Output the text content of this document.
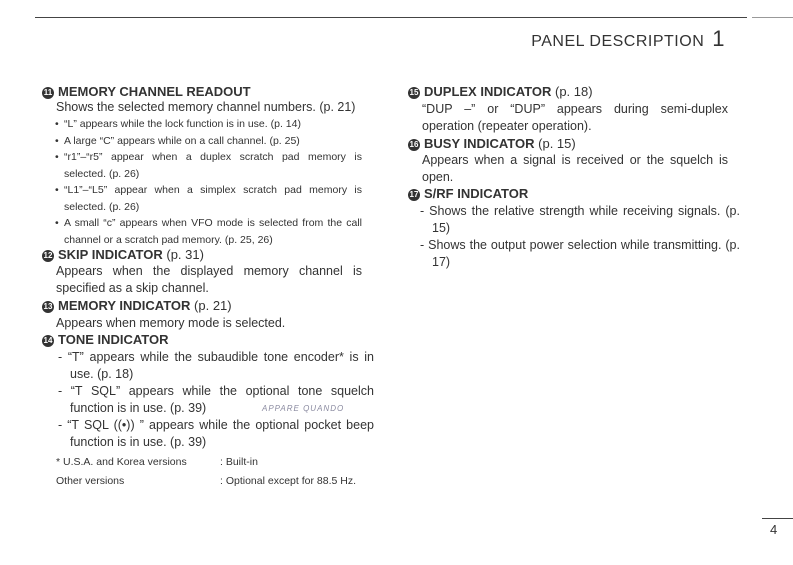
PANEL DESCRIPTION 1
11 MEMORY CHANNEL READOUT
Shows the selected memory channel numbers. (p. 21)
• “L” appears while the lock function is in use. (p. 14)
• A large “C” appears while on a call channel. (p. 25)
• “r1”–“r5” appear when a duplex scratch pad memory is selected. (p. 26)
• “L1”–“L5” appear when a simplex scratch pad memory is selected. (p. 26)
• A small “c” appears when VFO mode is selected from the call channel or a scratch pad memory. (p. 25, 26)
12 SKIP INDICATOR (p. 31)
Appears when the displayed memory channel is specified as a skip channel.
13 MEMORY INDICATOR (p. 21)
Appears when memory mode is selected.
14 TONE INDICATOR
- “T” appears while the subaudible tone encoder* is in use. (p. 18)
- “T SQL” appears while the optional tone squelch function is in use. (p. 39)
- “T SQL ((•)) ” appears while the optional pocket beep function is in use. (p. 39)
* U.S.A. and Korea versions	: Built-in
Other versions	: Optional except for 88.5 Hz.
APPARE QUANDO
15 DUPLEX INDICATOR (p. 18)
“DUP –” or “DUP” appears during semi-duplex operation (repeater operation).
16 BUSY INDICATOR (p. 15)
Appears when a signal is received or the squelch is open.
17 S/RF INDICATOR
- Shows the relative strength while receiving signals. (p. 15)
- Shows the output power selection while transmitting. (p. 17)
4
